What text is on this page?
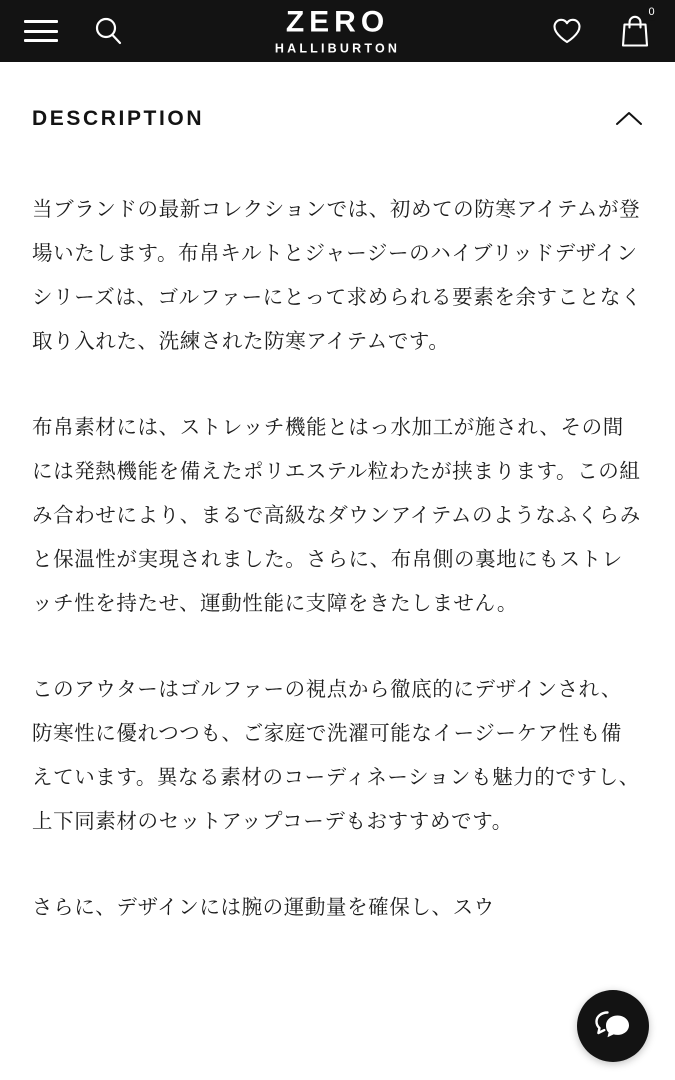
ZERO
HALLIBURTON
0
DESCRIPTION

当ブランドの最新コレクションでは、初めての防寒アイテムが登場いたします。布帛キルトとジャージーのハイブリッドデザインシリーズは、ゴルファーにとって求められる要素を余すことなく取り入れた、洗練された防寒アイテムです。

布帛素材には、ストレッチ機能とはっ水加工が施され、その間には発熱機能を備えたポリエステル粒わたが挟まります。この組み合わせにより、まるで高級なダウンアイテムのようなふくらみと保温性が実現されました。さらに、布帛側の裏地にもストレッチ性を持たせ、運動性能に支障をきたしません。

このアウターはゴルファーの視点から徹底的にデザインされ、防寒性に優れつつも、ご家庭で洗濯可能なイージーケア性も備えています。異なる素材のコーディネーションも魅力的ですし、上下同素材のセットアップコーデもおすすめです。

さらに、デザインには腕の運動量を確保し、スウ
